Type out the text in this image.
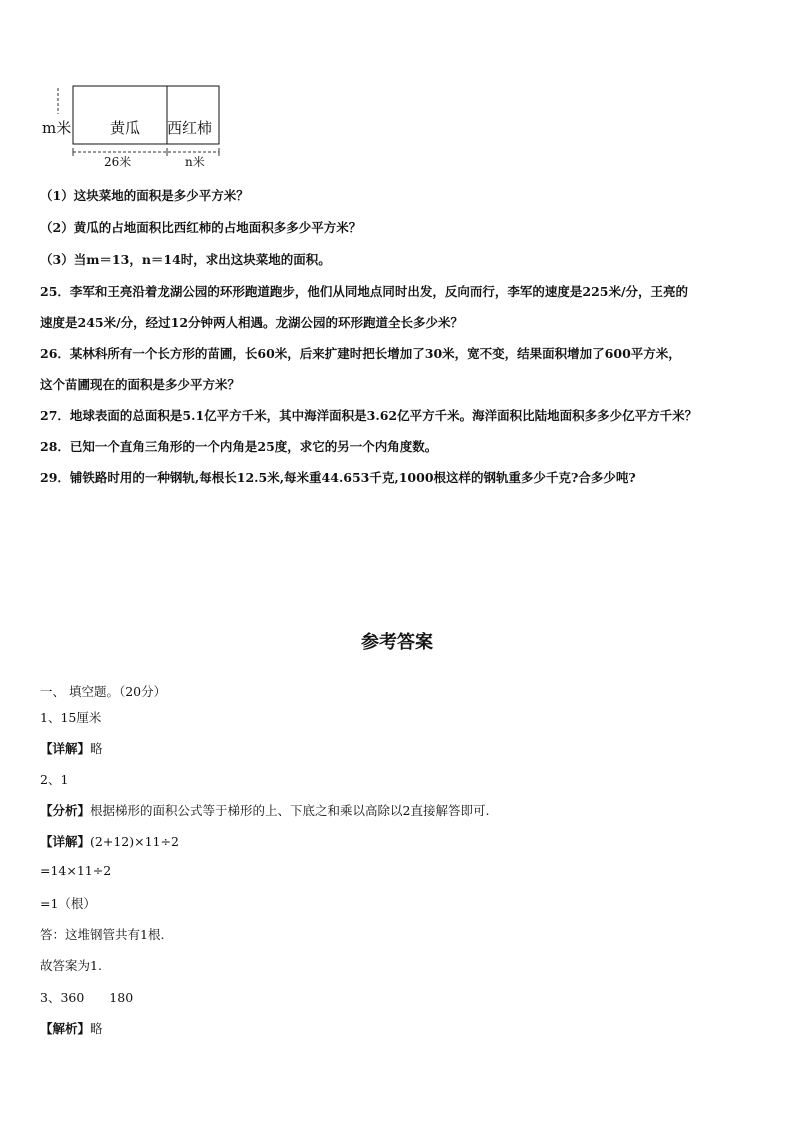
m米	黄瓜 西红柿
26米	n米
（1）这块菜地的面积是多少平方米？
（2）黄瓜的占地面积比西红柿的占地面积多多少平方米？
（3）当m＝13，n＝14时，求出这块菜地的面积。
25．李军和王亮沿着龙湖公园的环形跑道跑步，他们从同地点同时出发，反向而行，李军的速度是225米/分，王亮的
速度是245米/分，经过12分钟两人相遇。龙湖公园的环形跑道全长多少米？
26．某林科所有一个长方形的苗圃，长60米，后来扩建时把长增加了30米，宽不变，结果面积增加了600平方米，
这个苗圃现在的面积是多少平方米？
27．地球表面的总面积是5.1亿平方千米，其中海洋面积是3.62亿平方千米。海洋面积比陆地面积多多少亿平方千米？
28．已知一个直角三角形的一个内角是25度，求它的另一个内角度数。
29．铺铁路时用的一种钢轨,每根长12.5米,每米重44.653千克,1000根这样的钢轨重多少千克?合多少吨?
参考答案
一、 填空题。（20分）
1、15厘米
【详解】略
2、1
【分析】根据梯形的面积公式等于梯形的上、下底之和乘以高除以2直接解答即可.
【详解】(2+12)×11÷2
=14×11÷2
=1（根）
答：这堆钢管共有1根.
故答案为1.
3、360　　180
【解析】略
